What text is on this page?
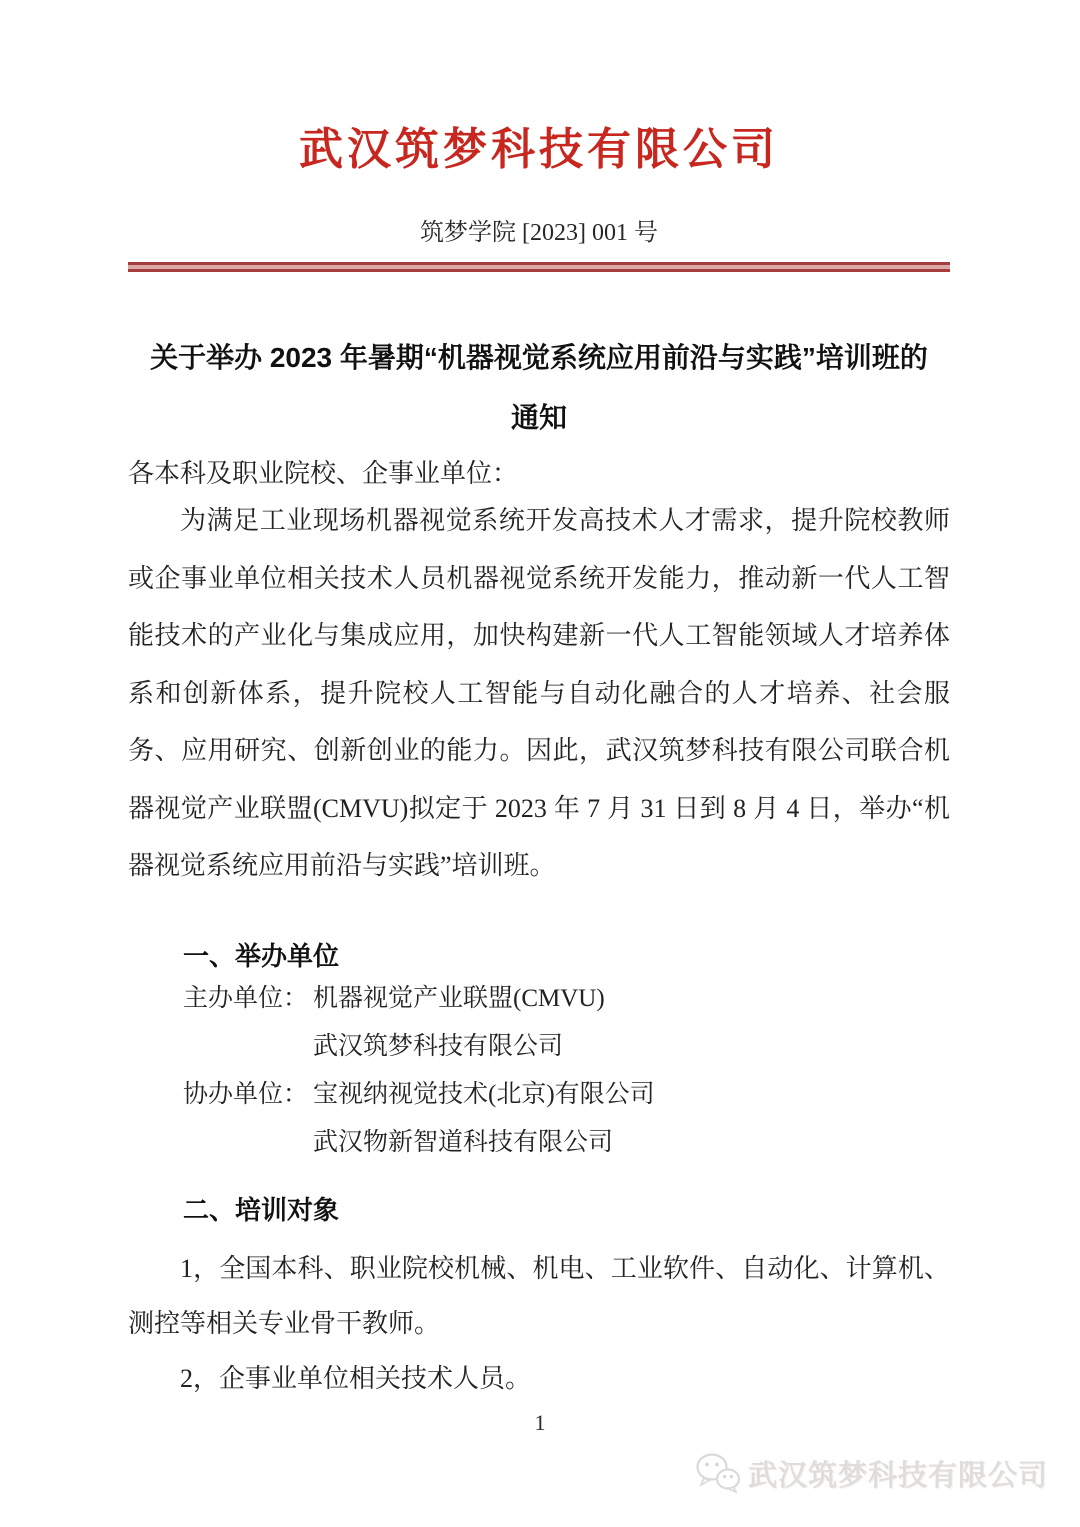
武汉筑梦科技有限公司
筑梦学院 [2023] 001 号
关于举办 2023 年暑期“机器视觉系统应用前沿与实践”培训班的
通知
各本科及职业院校、企事业单位：

为满足工业现场机器视觉系统开发高技术人才需求，提升院校教师或企事业单位相关技术人员机器视觉系统开发能力，推动新一代人工智能技术的产业化与集成应用，加快构建新一代人工智能领域人才培养体系和创新体系，提升院校人工智能与自动化融合的人才培养、社会服务、应用研究、创新创业的能力。因此，武汉筑梦科技有限公司联合机器视觉产业联盟(CMVU)拟定于 2023 年 7 月 31 日到 8 月 4 日，举办“机器视觉系统应用前沿与实践”培训班。

一、举办单位
主办单位： 机器视觉产业联盟(CMVU)
武汉筑梦科技有限公司
协办单位： 宝视纳视觉技术(北京)有限公司
武汉物新智道科技有限公司
二、培训对象

1，全国本科、职业院校机械、机电、工业软件、自动化、计算机、测控等相关专业骨干教师。

2，企事业单位相关技术人员。

1
武汉筑梦科技有限公司
